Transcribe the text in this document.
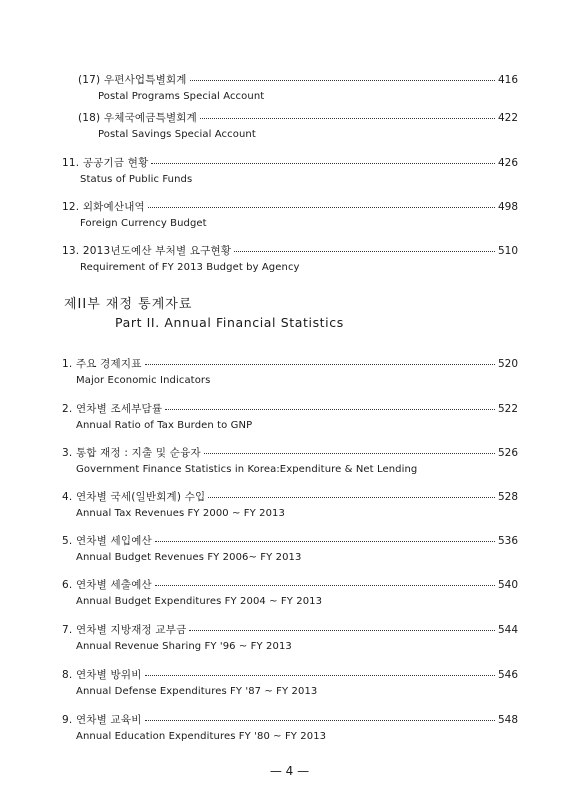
(17) 우편사업특별회계	416
Postal Programs Special Account
(18) 우체국예금특별회계	422
Postal Savings Special Account
11. 공공기금 현황	426
Status of Public Funds
12. 외화예산내역	498
Foreign Currency Budget
13. 2013년도예산 부처별 요구현황	510
Requirement of FY 2013 Budget by Agency
제II부 재정 통계자료
Part II. Annual Financial Statistics
1. 주요 경제지표	520
Major Economic Indicators
2. 연차별 조세부담률	522
Annual Ratio of Tax Burden to GNP
3. 통합 재정 : 지출 및 순융자	526
Government Finance Statistics in Korea:Expenditure & Net Lending
4. 연차별 국세(일반회계) 수입	528
Annual Tax Revenues FY 2000 ~ FY 2013
5. 연차별 세입예산	536
Annual Budget Revenues FY 2006~ FY 2013
6. 연차별 세출예산	540
Annual Budget Expenditures FY 2004 ~ FY 2013
7. 연차별 지방재정 교부금	544
Annual Revenue Sharing FY '96 ~ FY 2013
8. 연차별 방위비	546
Annual Defense Expenditures FY '87 ~ FY 2013
9. 연차별 교육비	548
Annual Education Expenditures FY '80 ~ FY 2013
— 4 —
